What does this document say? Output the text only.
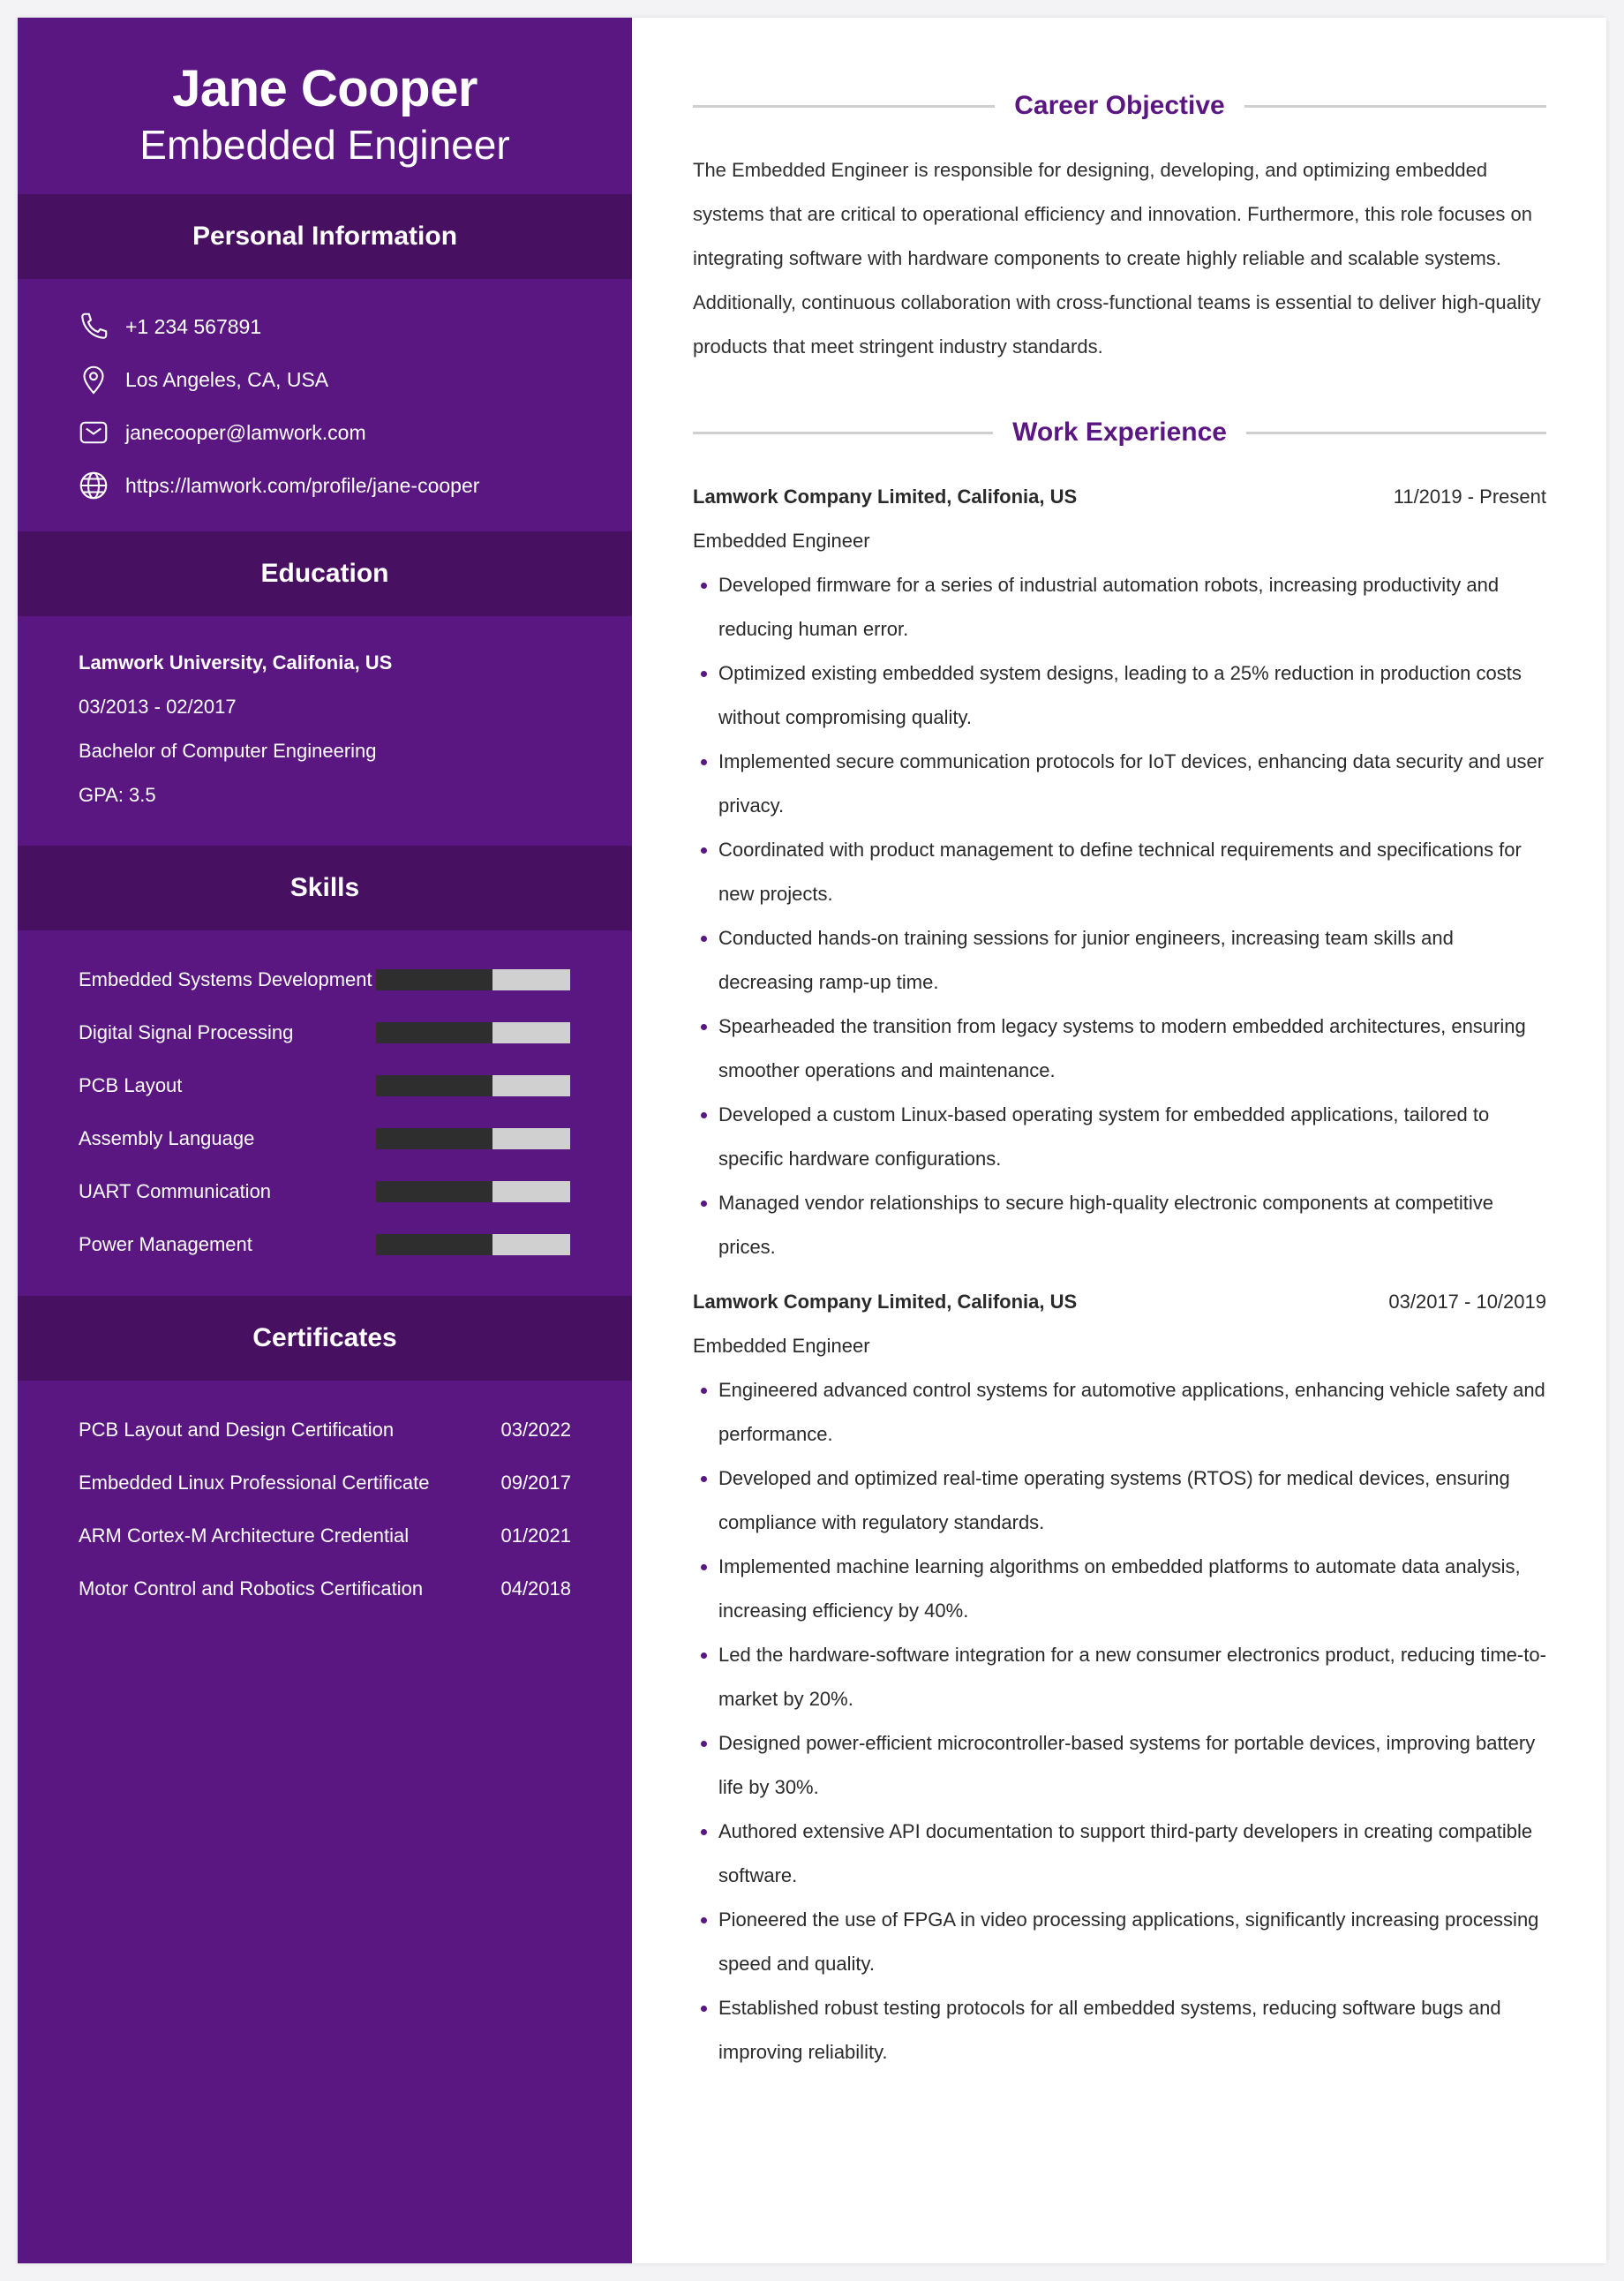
Jane Cooper
Embedded Engineer
Personal Information
+1 234 567891
Los Angeles, CA, USA
janecooper@lamwork.com
https://lamwork.com/profile/jane-cooper
Education
Lamwork University, Califonia, US
03/2013 - 02/2017
Bachelor of Computer Engineering
GPA: 3.5
Skills
Embedded Systems Development
Digital Signal Processing
PCB Layout
Assembly Language
UART Communication
Power Management
Certificates
PCB Layout and Design Certification	03/2022
Embedded Linux Professional Certificate	09/2017
ARM Cortex-M Architecture Credential	01/2021
Motor Control and Robotics Certification	04/2018
Career Objective

The Embedded Engineer is responsible for designing, developing, and optimizing embedded systems that are critical to operational efficiency and innovation. Furthermore, this role focuses on integrating software with hardware components to create highly reliable and scalable systems. Additionally, continuous collaboration with cross-functional teams is essential to deliver high-quality products that meet stringent industry standards.

Work Experience
Lamwork Company Limited, Califonia, US	11/2019 - Present
Embedded Engineer
Developed firmware for a series of industrial automation robots, increasing productivity and reducing human error.
Optimized existing embedded system designs, leading to a 25% reduction in production costs without compromising quality.
Implemented secure communication protocols for IoT devices, enhancing data security and user privacy.
Coordinated with product management to define technical requirements and specifications for new projects.
Conducted hands-on training sessions for junior engineers, increasing team skills and decreasing ramp-up time.
Spearheaded the transition from legacy systems to modern embedded architectures, ensuring smoother operations and maintenance.
Developed a custom Linux-based operating system for embedded applications, tailored to specific hardware configurations.
Managed vendor relationships to secure high-quality electronic components at competitive prices.
Lamwork Company Limited, Califonia, US	03/2017 - 10/2019
Embedded Engineer
Engineered advanced control systems for automotive applications, enhancing vehicle safety and performance.
Developed and optimized real-time operating systems (RTOS) for medical devices, ensuring compliance with regulatory standards.
Implemented machine learning algorithms on embedded platforms to automate data analysis, increasing efficiency by 40%.
Led the hardware-software integration for a new consumer electronics product, reducing time-to-market by 20%.
Designed power-efficient microcontroller-based systems for portable devices, improving battery life by 30%.
Authored extensive API documentation to support third-party developers in creating compatible software.
Pioneered the use of FPGA in video processing applications, significantly increasing processing speed and quality.
Established robust testing protocols for all embedded systems, reducing software bugs and improving reliability.
